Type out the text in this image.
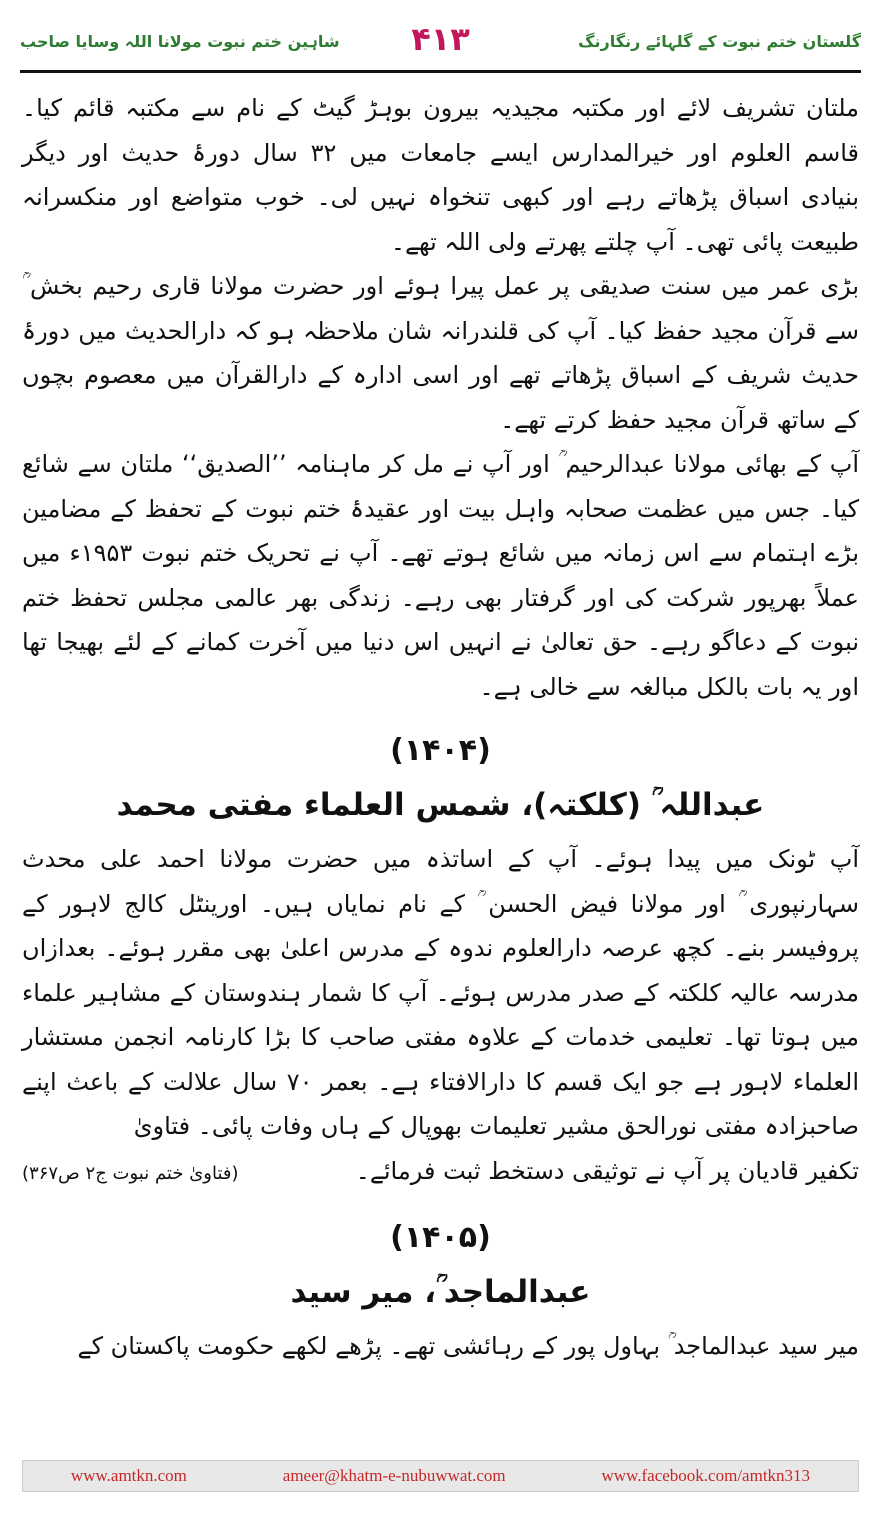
شاہین ختم نبوت مولانا اللہ وسایا صاحب	۴۱۳	گلستان ختم نبوت کے گلہائے رنگارنگ

ملتان تشریف لائے اور مکتبہ مجیدیہ بیرون بوہڑ گیٹ کے نام سے مکتبہ قائم کیا۔ قاسم العلوم اور خیرالمدارس ایسے جامعات میں ۳۲ سال دورۂ حدیث اور دیگر بنیادی اسباق پڑھاتے رہے اور کبھی تنخواہ نہیں لی۔ خوب متواضع اور منکسرانہ طبیعت پائی تھی۔ آپ چلتے پھرتے ولی اللہ تھے۔

بڑی عمر میں سنت صدیقی پر عمل پیرا ہوئے اور حضرت مولانا قاری رحیم بخش ؒ سے قرآن مجید حفظ کیا۔ آپ کی قلندرانہ شان ملاحظہ ہو کہ دارالحدیث میں دورۂ حدیث شریف کے اسباق پڑھاتے تھے اور اسی ادارہ کے دارالقرآن میں معصوم بچوں کے ساتھ قرآن مجید حفظ کرتے تھے۔

آپ کے بھائی مولانا عبدالرحیم ؒ اور آپ نے مل کر ماہنامہ ’’الصدیق‘‘ ملتان سے شائع کیا۔ جس میں عظمت صحابہ واہل بیت اور عقیدۂ ختم نبوت کے تحفظ کے مضامین بڑے اہتمام سے اس زمانہ میں شائع ہوتے تھے۔ آپ نے تحریک ختم نبوت ۱۹۵۳ء میں عملاً بھرپور شرکت کی اور گرفتار بھی رہے۔ زندگی بھر عالمی مجلس تحفظ ختم نبوت کے دعاگو رہے۔ حق تعالیٰ نے انہیں اس دنیا میں آخرت کمانے کے لئے بھیجا تھا اور یہ بات بالکل مبالغہ سے خالی ہے۔

(۱۴۰۴)
عبداللہ ؒ (کلکتہ)، شمس العلماء مفتی محمد

آپ ٹونک میں پیدا ہوئے۔ آپ کے اساتذہ میں حضرت مولانا احمد علی محدث سہارنپوری ؒ اور مولانا فیض الحسن ؒ کے نام نمایاں ہیں۔ اورینٹل کالج لاہور کے پروفیسر بنے۔ کچھ عرصہ دارالعلوم ندوہ کے مدرس اعلیٰ بھی مقرر ہوئے۔ بعدازاں مدرسہ عالیہ کلکتہ کے صدر مدرس ہوئے۔ آپ کا شمار ہندوستان کے مشاہیر علماء میں ہوتا تھا۔ تعلیمی خدمات کے علاوہ مفتی صاحب کا بڑا کارنامہ انجمن مستشار العلماء لاہور ہے جو ایک قسم کا دارالافتاء ہے۔ بعمر ۷۰ سال علالت کے باعث اپنے صاحبزادہ مفتی نورالحق مشیر تعلیمات بھوپال کے ہاں وفات پائی۔ فتاویٰ

تکفیر قادیان پر آپ نے توثیقی دستخط ثبت فرمائے۔
(فتاویٰ ختم نبوت ج۲ ص۳۶۷)
(۱۴۰۵)
عبدالماجد ؒ، میر سید

میر سید عبدالماجد ؒ بہاول پور کے رہائشی تھے۔ پڑھے لکھے حکومت پاکستان کے

www.amtkn.com	ameer@khatm-e-nubuwwat.com	www.facebook.com/amtkn313
